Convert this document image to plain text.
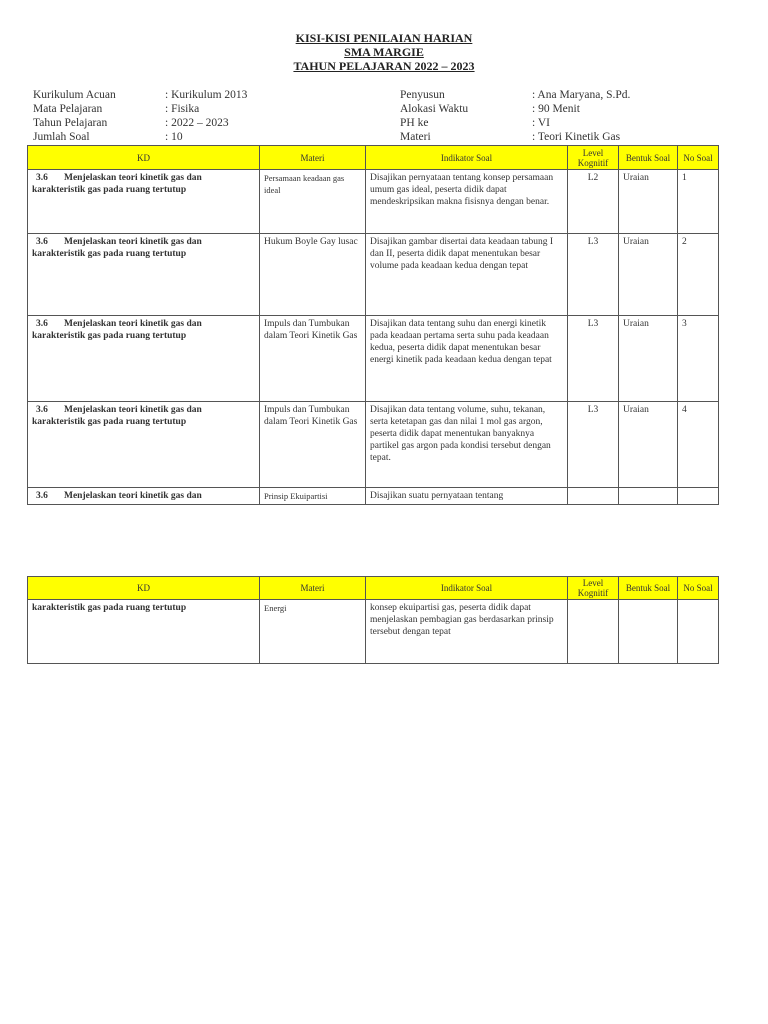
KISI-KISI PENILAIAN HARIAN
SMA MARGIE
TAHUN PELAJARAN 2022 – 2023
Kurikulum Acuan	: Kurikulum 2013
Mata Pelajaran	: Fisika
Tahun Pelajaran	: 2022 – 2023
Jumlah Soal	: 10
Penyusun	: Ana Maryana, S.Pd.
Alokasi Waktu	: 90 Menit
PH ke	: VI
Materi	: Teori Kinetik Gas
KD	Materi	Indikator Soal	Level Kognitif	Bentuk Soal	No Soal
3.6 Menjelaskan teori kinetik gas dan karakteristik gas pada ruang tertutup	Persamaan keadaan gas ideal	Disajikan pernyataan tentang konsep persamaan umum gas ideal, peserta didik dapat mendeskripsikan makna fisisnya dengan benar.	L2	Uraian	1
3.6 Menjelaskan teori kinetik gas dan karakteristik gas pada ruang tertutup	Hukum Boyle Gay lusac	Disajikan gambar disertai data keadaan tabung I dan II, peserta didik dapat menentukan besar volume pada keadaan kedua dengan tepat	L3	Uraian	2
3.6 Menjelaskan teori kinetik gas dan karakteristik gas pada ruang tertutup	Impuls dan Tumbukan dalam Teori Kinetik Gas	Disajikan data tentang suhu dan energi kinetik pada keadaan pertama serta suhu pada keadaan kedua, peserta didik dapat menentukan besar energi kinetik pada keadaan kedua dengan tepat	L3	Uraian	3
3.6 Menjelaskan teori kinetik gas dan karakteristik gas pada ruang tertutup	Impuls dan Tumbukan dalam Teori Kinetik Gas	Disajikan data tentang volume, suhu, tekanan, serta ketetapan gas dan nilai 1 mol gas argon, peserta didik dapat menentukan banyaknya partikel gas argon pada kondisi tersebut dengan tepat.	L3	Uraian	4
3.6 Menjelaskan teori kinetik gas dan	Prinsip Ekuipartisi	Disajikan suatu pernyataan tentang			
KD	Materi	Indikator Soal	Level Kognitif	Bentuk Soal	No Soal
karakteristik gas pada ruang tertutup	Energi	konsep ekuipartisi gas, peserta didik dapat menjelaskan pembagian gas berdasarkan prinsip tersebut dengan tepat			
